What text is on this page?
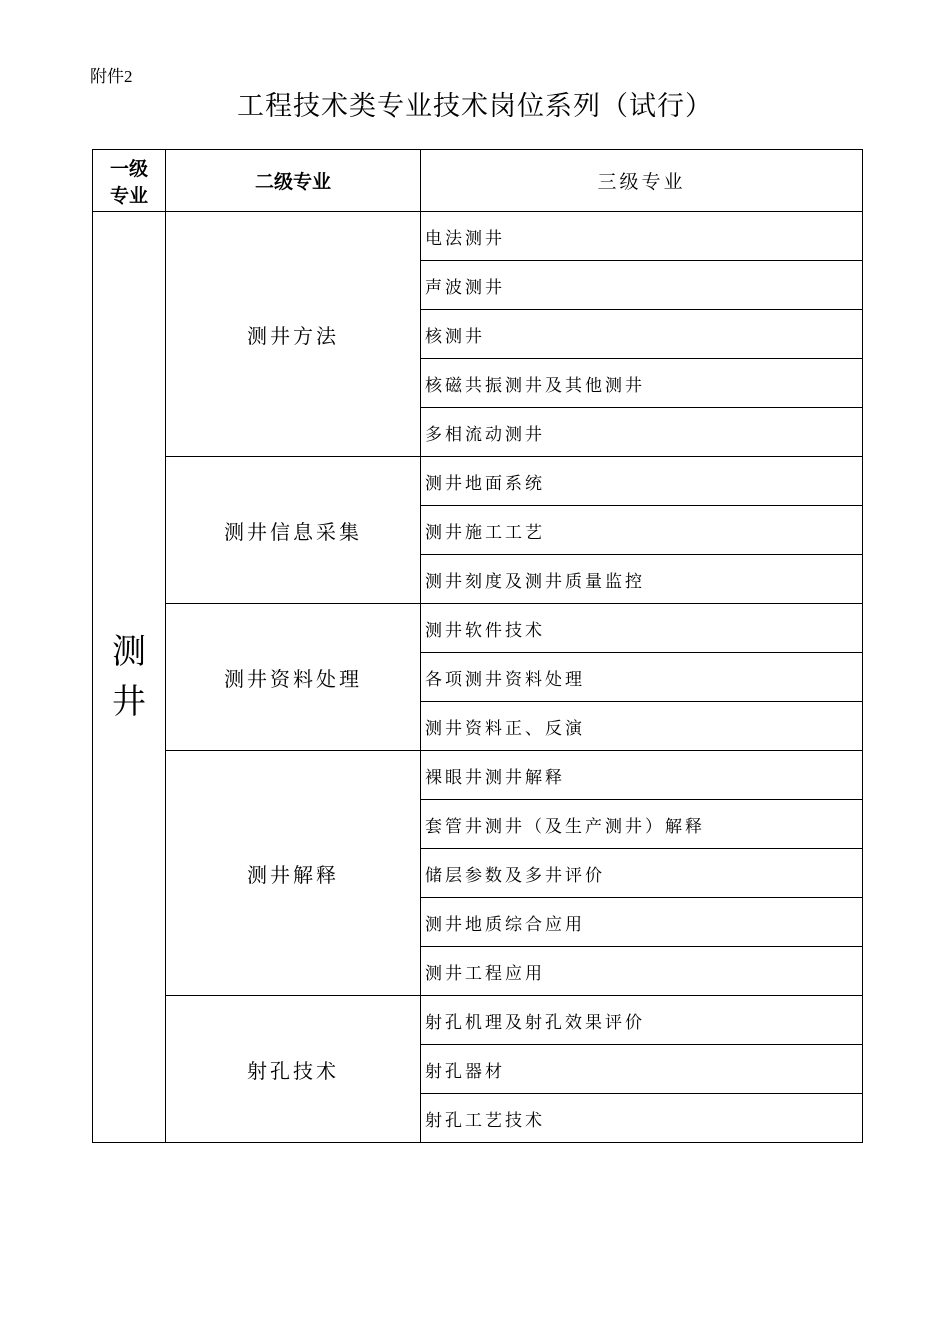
附件2
工程技术类专业技术岗位系列（试行）
一级
专业	二级专业	三级专业

测井	测井方法	电法测井
		声波测井
		核测井
		核磁共振测井及其他测井
		多相流动测井
	测井信息采集	测井地面系统
		测井施工工艺
		测井刻度及测井质量监控
	测井资料处理	测井软件技术
		各项测井资料处理
		测井资料正、反演
	测井解释	裸眼井测井解释
		套管井测井（及生产测井）解释
		储层参数及多井评价
		测井地质综合应用
		测井工程应用
	射孔技术	射孔机理及射孔效果评价
		射孔器材
		射孔工艺技术
